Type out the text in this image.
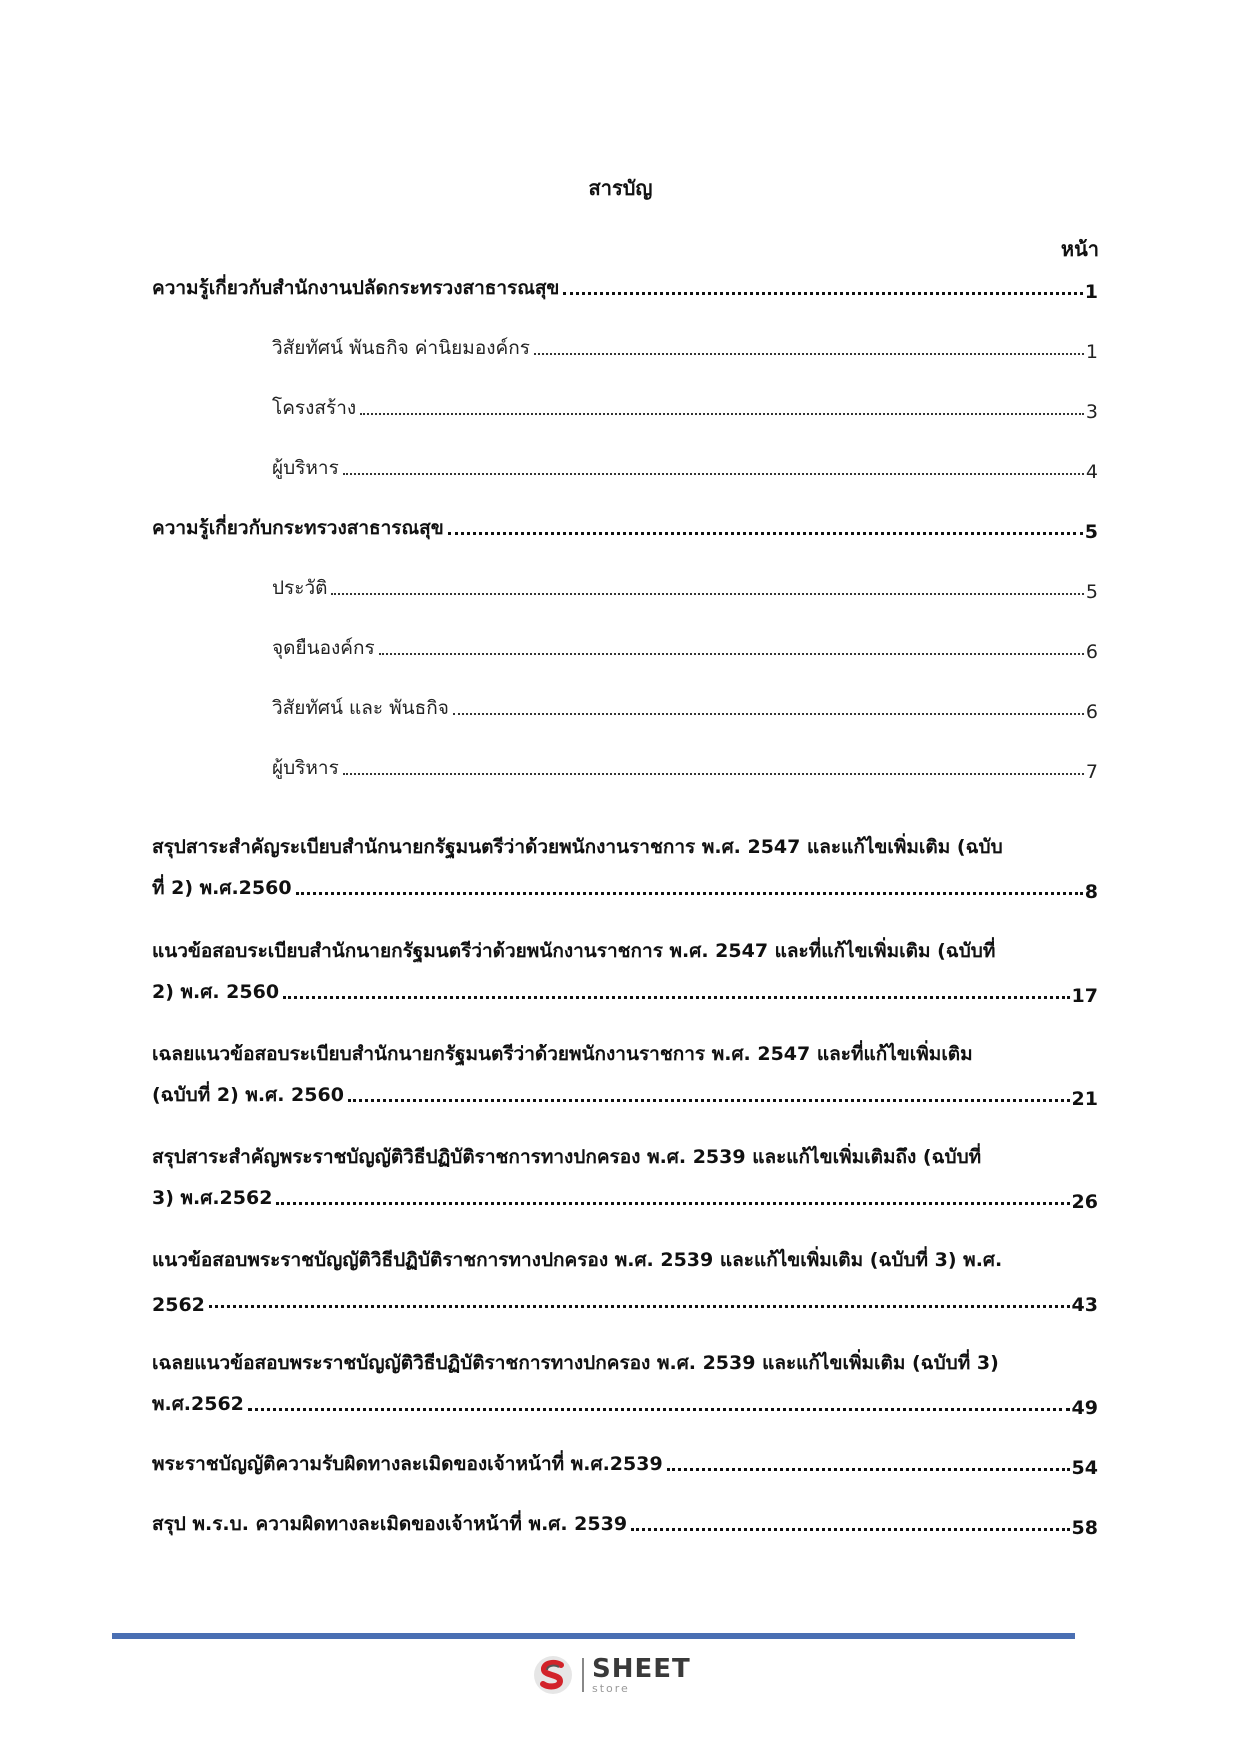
สารบัญ
หน้า
ความรู้เกี่ยวกับสำนักงานปลัดกระทรวงสาธารณสุข	1
วิสัยทัศน์ พันธกิจ ค่านิยมองค์กร	1
โครงสร้าง	3
ผู้บริหาร	4
ความรู้เกี่ยวกับกระทรวงสาธารณสุข	5
ประวัติ	5
จุดยืนองค์กร	6
วิสัยทัศน์ และ พันธกิจ	6
ผู้บริหาร	7
สรุปสาระสำคัญระเบียบสำนักนายกรัฐมนตรีว่าด้วยพนักงานราชการ พ.ศ. 2547 และแก้ไขเพิ่มเติม (ฉบับ
ที่ 2) พ.ศ.2560	8
แนวข้อสอบระเบียบสำนักนายกรัฐมนตรีว่าด้วยพนักงานราชการ พ.ศ. 2547 และที่แก้ไขเพิ่มเติม (ฉบับที่
2) พ.ศ. 2560	17
เฉลยแนวข้อสอบระเบียบสำนักนายกรัฐมนตรีว่าด้วยพนักงานราชการ พ.ศ. 2547 และที่แก้ไขเพิ่มเติม
(ฉบับที่ 2) พ.ศ. 2560	21
สรุปสาระสำคัญพระราชบัญญัติวิธีปฏิบัติราชการทางปกครอง พ.ศ. 2539 และแก้ไขเพิ่มเติมถึง (ฉบับที่
3) พ.ศ.2562	26
แนวข้อสอบพระราชบัญญัติวิธีปฏิบัติราชการทางปกครอง พ.ศ. 2539 และแก้ไขเพิ่มเติม (ฉบับที่ 3) พ.ศ.
2562	43
เฉลยแนวข้อสอบพระราชบัญญัติวิธีปฏิบัติราชการทางปกครอง พ.ศ. 2539 และแก้ไขเพิ่มเติม (ฉบับที่ 3)
พ.ศ.2562	49
พระราชบัญญัติความรับผิดทางละเมิดของเจ้าหน้าที่ พ.ศ.2539	54
สรุป พ.ร.บ. ความผิดทางละเมิดของเจ้าหน้าที่ พ.ศ. 2539	58
SHEET
store
